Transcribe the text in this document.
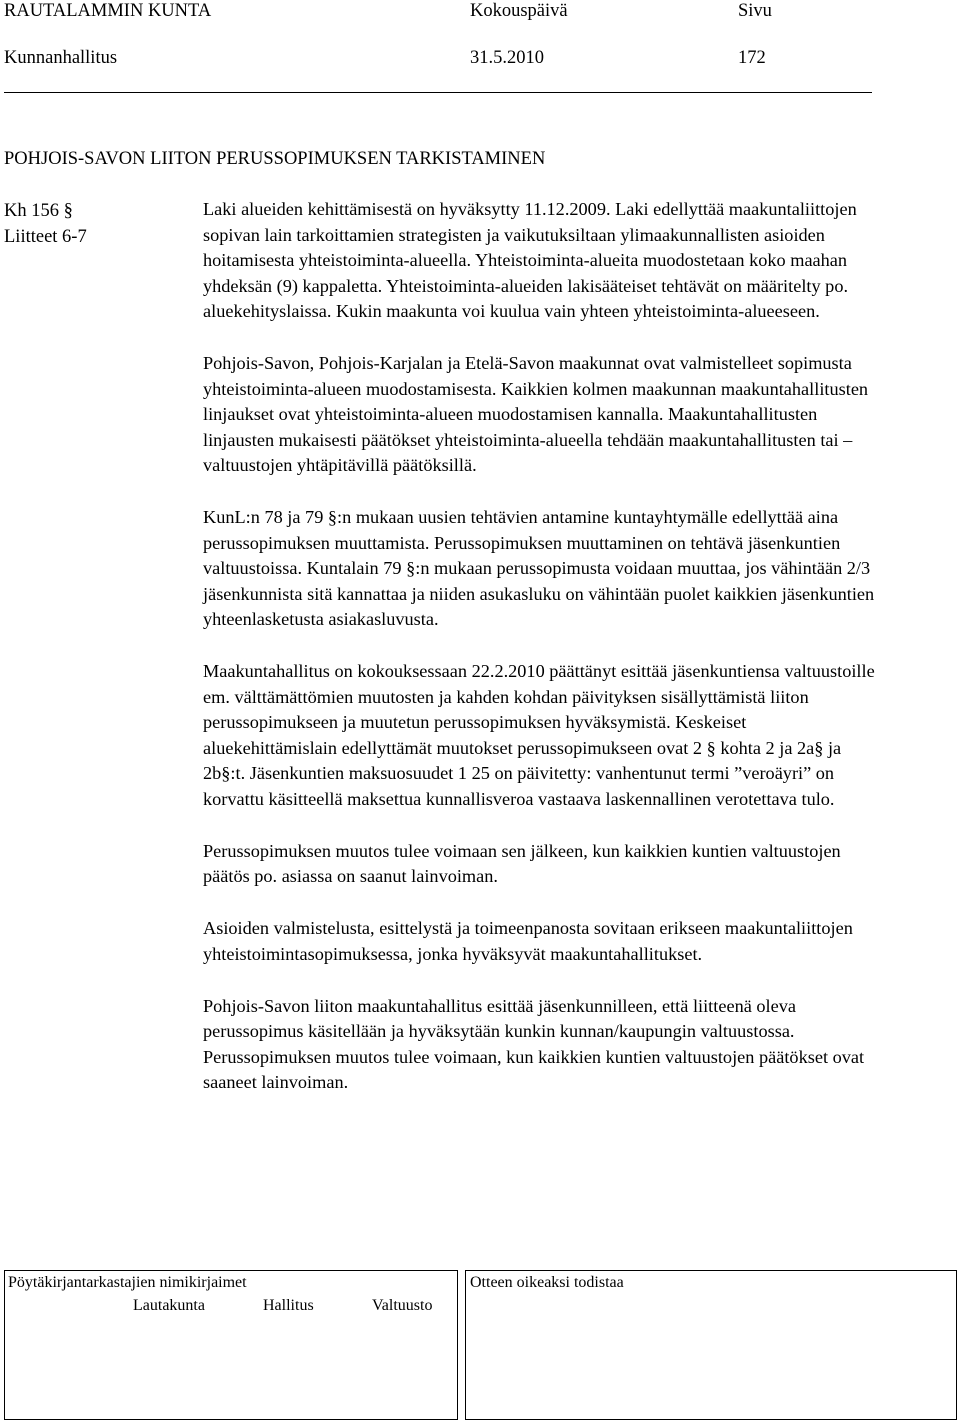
RAUTALAMMIN KUNTA	Kokouspäivä	Sivu
Kunnanhallitus	31.5.2010	172
POHJOIS-SAVON LIITON PERUSSOPIMUKSEN TARKISTAMINEN
Kh 156 §
Liitteet 6-7

Laki alueiden kehittämisestä on hyväksytty 11.12.2009. Laki edellyttää maakuntaliittojen sopivan lain tarkoittamien strategisten ja vaikutuksiltaan ylimaakunnallisten asioiden hoitamisesta yhteistoiminta-alueella. Yhteistoiminta-alueita muodostetaan koko maahan yhdeksän (9) kappaletta. Yhteistoiminta-alueiden lakisääteiset tehtävät on määritelty po. aluekehityslaissa. Kukin maakunta voi kuulua vain yhteen yhteistoiminta-alueeseen.

Pohjois-Savon, Pohjois-Karjalan ja Etelä-Savon maakunnat ovat valmistelleet sopimusta yhteistoiminta-alueen muodostamisesta. Kaikkien kolmen maakunnan maakuntahallitusten linjaukset ovat yhteistoiminta-alueen muodostamisen kannalla. Maakuntahallitusten linjausten mukaisesti päätökset yhteistoiminta-alueella tehdään maakuntahallitusten tai –valtuustojen yhtäpitävillä päätöksillä.

KunL:n 78 ja 79 §:n mukaan uusien tehtävien antamine kuntayhtymälle edellyttää aina perussopimuksen muuttamista. Perussopimuksen muuttaminen on tehtävä jäsenkuntien valtuustoissa. Kuntalain 79 §:n mukaan perussopimusta voidaan muuttaa, jos vähintään 2/3 jäsenkunnista sitä kannattaa ja niiden asukasluku on vähintään puolet kaikkien jäsenkuntien yhteenlasketusta asiakasluvusta.

Maakuntahallitus on kokouksessaan 22.2.2010 päättänyt esittää jäsenkuntiensa valtuustoille em. välttämättömien muutosten ja kahden kohdan päivityksen sisällyttämistä liiton perussopimukseen ja muutetun perussopimuksen hyväksymistä. Keskeiset aluekehittämislain edellyttämät muutokset perussopimukseen ovat 2 § kohta 2 ja 2a§ ja 2b§:t. Jäsenkuntien maksuosuudet 1 25 on päivitetty: vanhentunut termi ”veroäyri” on korvattu käsitteellä maksettua kunnallisveroa vastaava laskennallinen verotettava tulo.

Perussopimuksen muutos tulee voimaan sen jälkeen, kun kaikkien kuntien valtuustojen päätös po. asiassa on saanut lainvoiman.

Asioiden valmistelusta, esittelystä ja toimeenpanosta sovitaan erikseen maakuntaliittojen yhteistoimintasopimuksessa, jonka hyväksyvät maakuntahallitukset.

Pohjois-Savon liiton maakuntahallitus esittää jäsenkunnilleen, että liitteenä oleva perussopimus käsitellään ja hyväksytään kunkin kunnan/kaupungin valtuustossa. Perussopimuksen muutos tulee voimaan, kun kaikkien kuntien valtuustojen päätökset ovat saaneet lainvoiman.

Pöytäkirjantarkastajien nimikirjaimet	Otteen oikeaksi todistaa
Lautakunta	Hallitus	Valtuusto
